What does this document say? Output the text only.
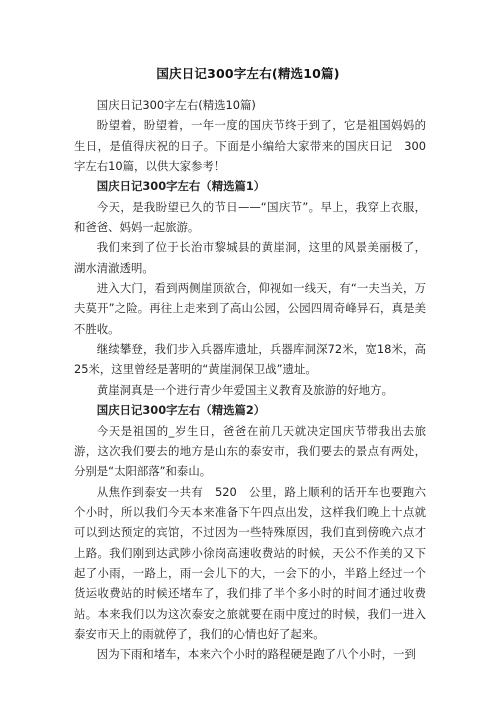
国庆日记300字左右(精选10篇)

国庆日记300字左右(精选10篇)

盼望着，盼望着，一年一度的国庆节终于到了，它是祖国妈妈的生日，是值得庆祝的日子。下面是小编给大家带来的国庆日记　300　字左右10篇，以供大家参考！

国庆日记300字左右（精选篇1）

今天，是我盼望已久的节日——“国庆节”。早上，我穿上衣服，和爸爸、妈妈一起旅游。

我们来到了位于长治市黎城县的黄崖洞，这里的风景美丽极了，湖水清澈透明。

进入大门，看到两侧崖顶欲合，仰视如一线天，有“一夫当关，万夫莫开”之险。再往上走来到了高山公园，公园四周奇峰异石，真是美不胜收。

继续攀登，我们步入兵器库遗址，兵器库洞深72米，宽18米，高25米，这里曾经是著明的“黄崖洞保卫战”遗址。

黄崖洞真是一个进行青少年爱国主义教育及旅游的好地方。

国庆日记300字左右（精选篇2）

今天是祖国的_岁生日，爸爸在前几天就决定国庆节带我出去旅游，这次我们要去的地方是山东的泰安市，我们要去的景点有两处，分别是“太阳部落”和泰山。

从焦作到泰安一共有　520　公里，路上顺利的话开车也要跑六个小时，所以我们今天本来准备下午四点出发，这样我们晚上十点就可以到达预定的宾馆，不过因为一些特殊原因，我们直到傍晚六点才上路。我们刚到达武陟小徐岗高速收费站的时候，天公不作美的又下起了小雨，一路上，雨一会儿下的大，一会下的小，半路上经过一个货运收费站的时候还堵车了，我们排了半个多小时的时间才通过收费站。本来我们以为这次泰安之旅就要在雨中度过的时候，我们一进入泰安市天上的雨就停了，我们的心情也好了起来。

因为下雨和堵车，本来六个小时的路程硬是跑了八个小时，一到
